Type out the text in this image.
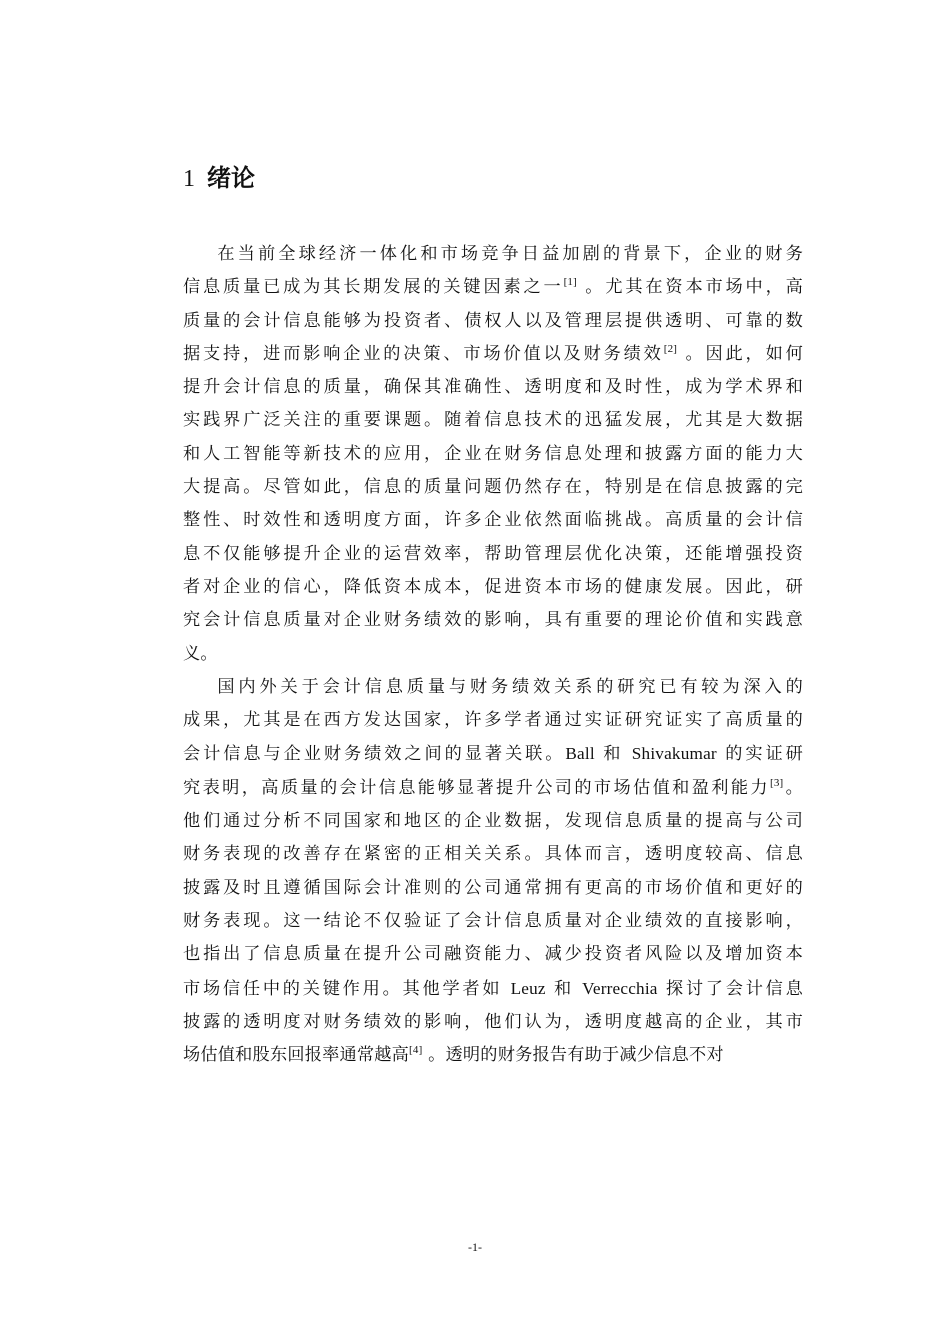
1 绪论

在当前全球经济一体化和市场竞争日益加剧的背景下，企业的财务
信息质量已成为其长期发展的关键因素之一[1] 。尤其在资本市场中，高
质量的会计信息能够为投资者、债权人以及管理层提供透明、可靠的数
据支持，进而影响企业的决策、市场价值以及财务绩效[2] 。因此，如何
提升会计信息的质量，确保其准确性、透明度和及时性，成为学术界和
实践界广泛关注的重要课题。随着信息技术的迅猛发展，尤其是大数据
和人工智能等新技术的应用，企业在财务信息处理和披露方面的能力大
大提高。尽管如此，信息的质量问题仍然存在，特别是在信息披露的完
整性、时效性和透明度方面，许多企业依然面临挑战。高质量的会计信
息不仅能够提升企业的运营效率，帮助管理层优化决策，还能增强投资
者对企业的信心，降低资本成本，促进资本市场的健康发展。因此，研
究会计信息质量对企业财务绩效的影响，具有重要的理论价值和实践意
义。

国内外关于会计信息质量与财务绩效关系的研究已有较为深入的
成果，尤其是在西方发达国家，许多学者通过实证研究证实了高质量的
会计信息与企业财务绩效之间的显著关联。Ball 和 Shivakumar 的实证研
究表明，高质量的会计信息能够显著提升公司的市场估值和盈利能力[3]。
他们通过分析不同国家和地区的企业数据，发现信息质量的提高与公司
财务表现的改善存在紧密的正相关关系。具体而言，透明度较高、信息
披露及时且遵循国际会计准则的公司通常拥有更高的市场价值和更好的
财务表现。这一结论不仅验证了会计信息质量对企业绩效的直接影响，
也指出了信息质量在提升公司融资能力、减少投资者风险以及增加资本
市场信任中的关键作用。其他学者如 Leuz 和 Verrecchia 探讨了会计信息
披露的透明度对财务绩效的影响，他们认为，透明度越高的企业，其市
场估值和股东回报率通常越高[4] 。透明的财务报告有助于减少信息不对

-1-
